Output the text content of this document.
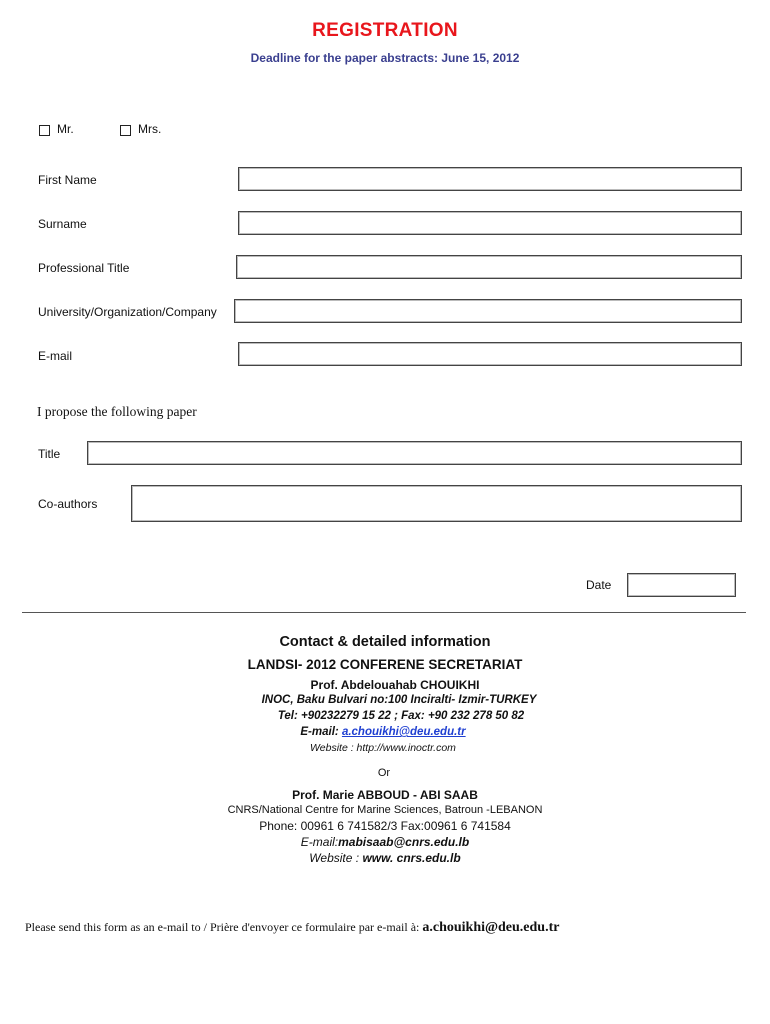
REGISTRATION
Deadline for the paper abstracts: June 15, 2012
Mr.	Mrs.
First Name
Surname
Professional Title
University/Organization/Company
E-mail
I propose the following paper
Title
Co-authors
Date
Contact & detailed information
LANDSI- 2012 CONFERENE SECRETARIAT
Prof. Abdelouahab CHOUIKHI
INOC, Baku Bulvari no:100 Inciralti- Izmir-TURKEY
Tel: +90232279 15 22 ; Fax: +90 232 278 50 82
E-mail: a.chouikhi@deu.edu.tr
Website : http://www.inoctr.com
Or
Prof. Marie ABBOUD - ABI SAAB
CNRS/National Centre for Marine Sciences, Batroun -LEBANON
Phone: 00961 6 741582/3 Fax:00961 6 741584
E-mail:mabisaab@cnrs.edu.lb
Website : www. cnrs.edu.lb
Please send this form as an e-mail to / Prière d'envoyer ce formulaire par e-mail à: a.chouikhi@deu.edu.tr
